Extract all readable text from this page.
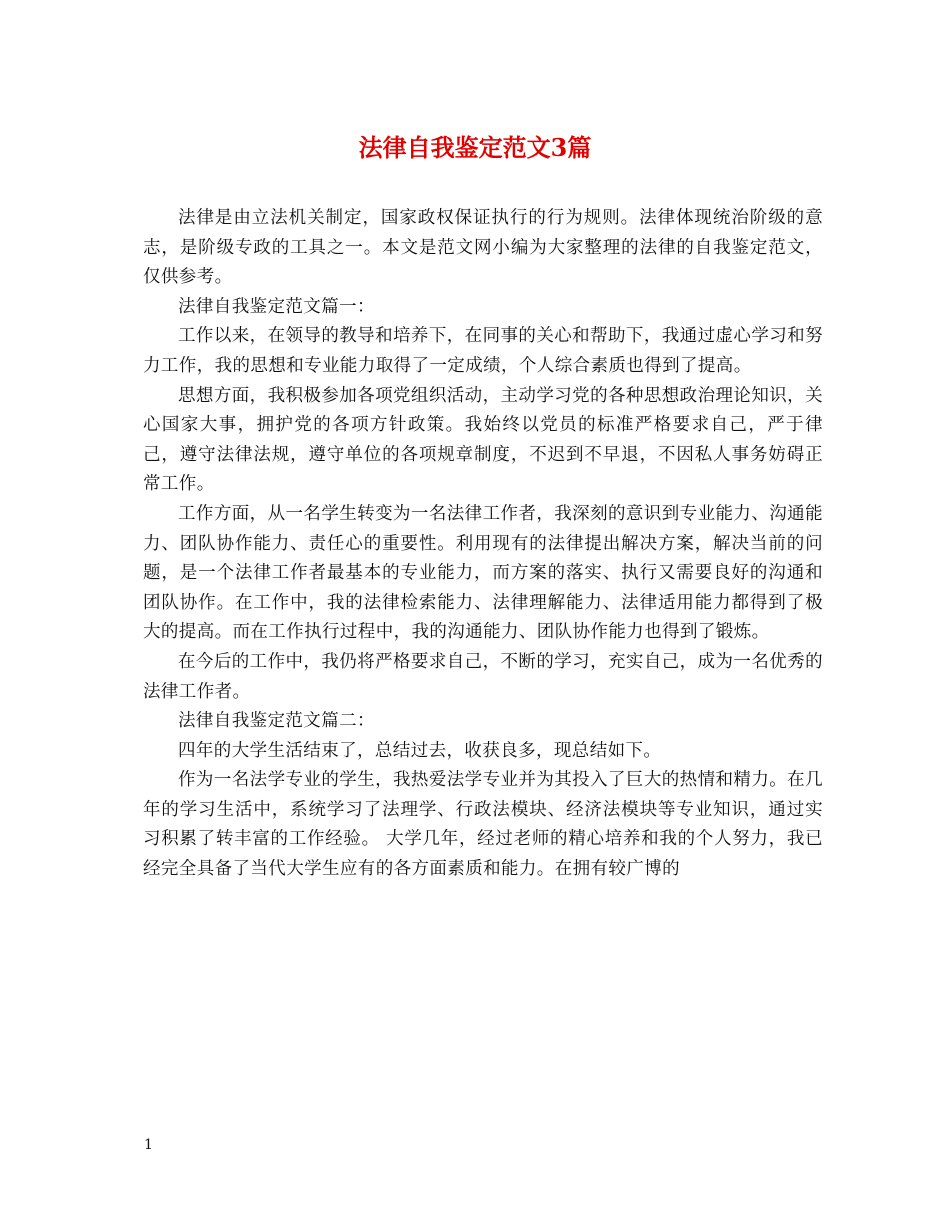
法律自我鉴定范文3篇

法律是由立法机关制定，国家政权保证执行的行为规则。法律体现统治阶级的意志，是阶级专政的工具之一。本文是范文网小编为大家整理的法律的自我鉴定范文，仅供参考。

法律自我鉴定范文篇一：

工作以来，在领导的教导和培养下，在同事的关心和帮助下，我通过虚心学习和努力工作，我的思想和专业能力取得了一定成绩，个人综合素质也得到了提高。

思想方面，我积极参加各项党组织活动，主动学习党的各种思想政治理论知识，关心国家大事，拥护党的各项方针政策。我始终以党员的标准严格要求自己，严于律己，遵守法律法规，遵守单位的各项规章制度，不迟到不早退，不因私人事务妨碍正常工作。

工作方面，从一名学生转变为一名法律工作者，我深刻的意识到专业能力、沟通能力、团队协作能力、责任心的重要性。利用现有的法律提出解决方案，解决当前的问题，是一个法律工作者最基本的专业能力，而方案的落实、执行又需要良好的沟通和团队协作。在工作中，我的法律检索能力、法律理解能力、法律适用能力都得到了极大的提高。而在工作执行过程中，我的沟通能力、团队协作能力也得到了锻炼。

在今后的工作中，我仍将严格要求自己，不断的学习，充实自己，成为一名优秀的法律工作者。

法律自我鉴定范文篇二：

四年的大学生活结束了，总结过去，收获良多，现总结如下。

作为一名法学专业的学生，我热爱法学专业并为其投入了巨大的热情和精力。在几年的学习生活中，系统学习了法理学、行政法模块、经济法模块等专业知识，通过实习积累了转丰富的工作经验。 大学几年，经过老师的精心培养和我的个人努力，我已经完全具备了当代大学生应有的各方面素质和能力。在拥有较广博的

1
